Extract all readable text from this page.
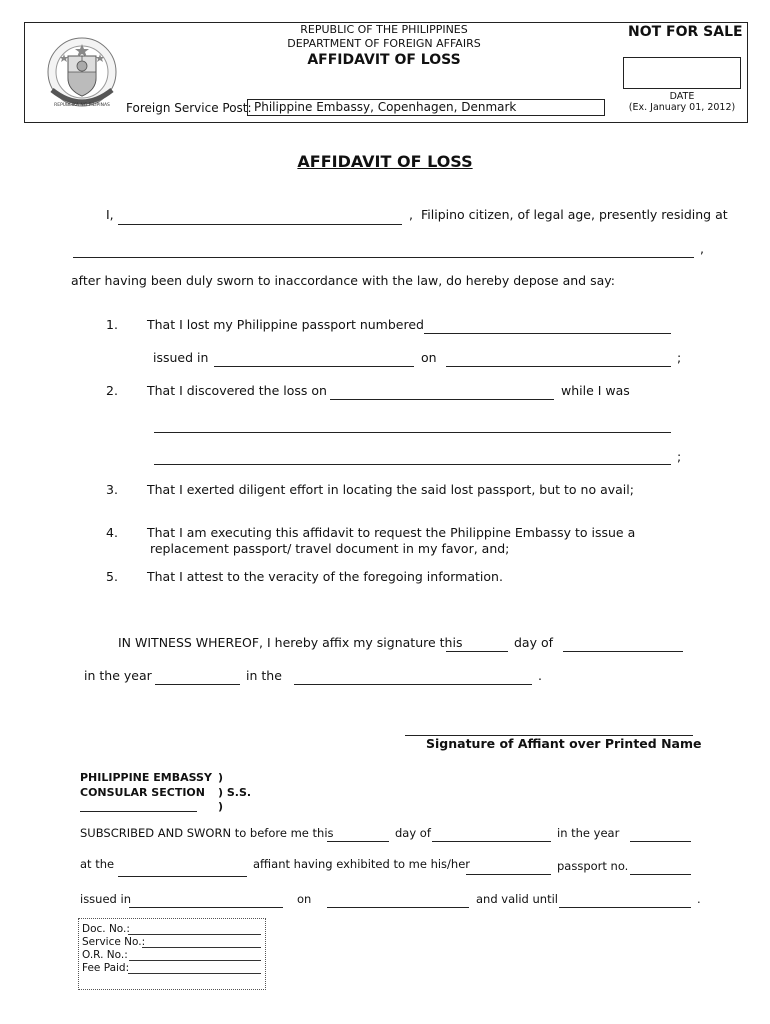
REPUBLIKA NG PILIPINAS
REPUBLIC OF THE PHILIPPINES
DEPARTMENT OF FOREIGN AFFAIRS
AFFIDAVIT OF LOSS
NOT FOR SALE
DATE
(Ex. January 01, 2012)
Foreign Service Post: Philippine Embassy, Copenhagen, Denmark
AFFIDAVIT OF LOSS
I,	, Filipino citizen, of legal age, presently residing at
,
after having been duly sworn to inaccordance with the law, do hereby depose and say:
1. That I lost my Philippine passport numbered
issued in	on	;
2. That I discovered the loss on	while I was
;
3. That I exerted diligent effort in locating the said lost passport, but to no avail;
4. That I am executing this affidavit to request the Philippine Embassy to issue a
replacement passport/ travel document in my favor, and;
5. That I attest to the veracity of the foregoing information.
IN WITNESS WHEREOF, I hereby affix my signature this	day of
in the year	in the	.
Signature of Affiant over Printed Name
PHILIPPINE EMBASSY )
CONSULAR SECTION ) S.S.
)
SUBSCRIBED AND SWORN to before me this	day of	in the year
at the	affiant having exhibited to me his/her	passport no.
issued in	on	and valid until	.
Doc. No.:
Service No.:
O.R. No.:
Fee Paid:
